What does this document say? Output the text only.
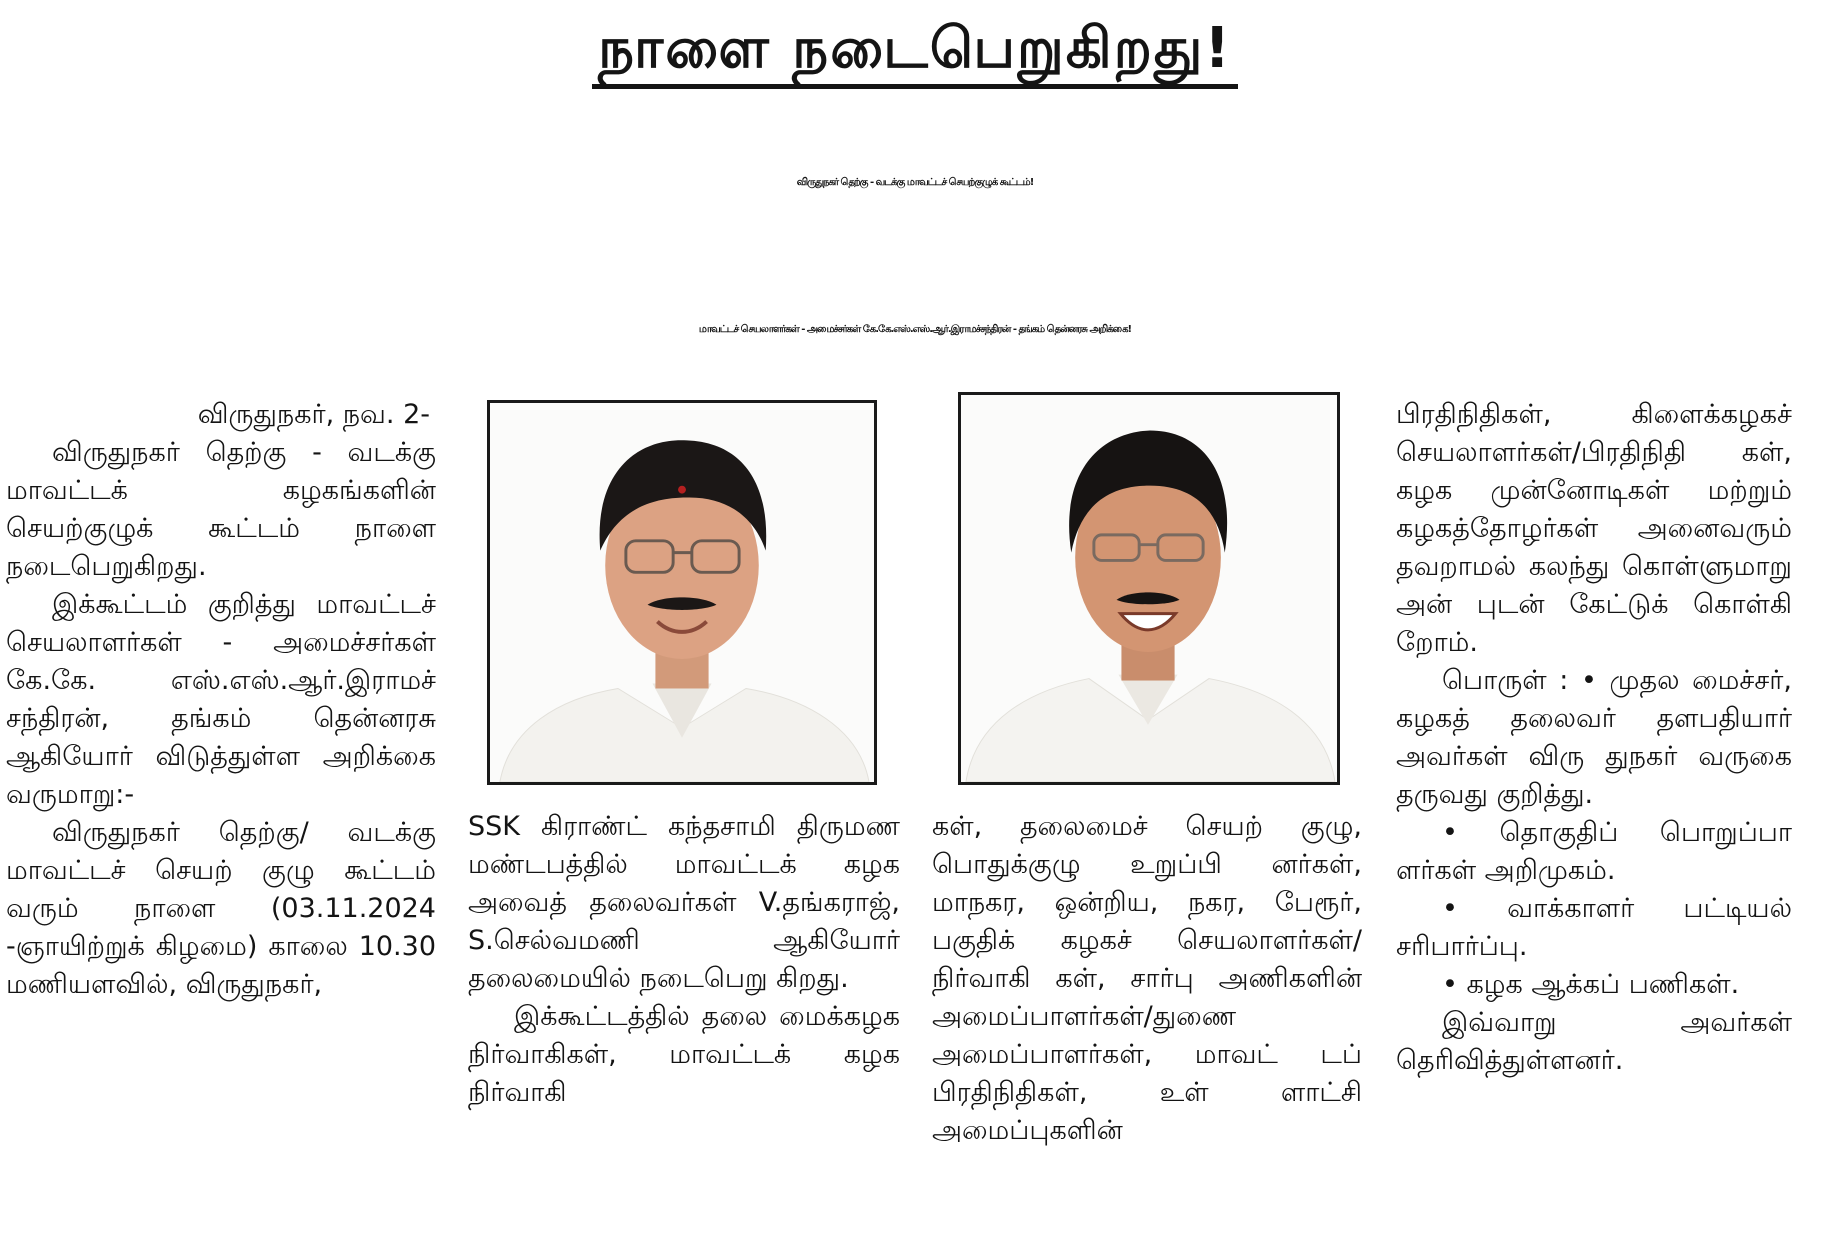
நாளை நடைபெறுகிறது!
விருதுநகர் தெற்கு - வடக்கு மாவட்டச் செயற்குழுக் கூட்டம்!
மாவட்டச் செயலாளர்கள் - அமைச்சர்கள் கே.கே.எஸ்.எஸ்.ஆர்.இராமச்சந்திரன் - தங்கம் தென்னரசு அறிக்கை!

விருதுநகர், நவ. 2-

விருதுநகர் தெற்கு - வடக்கு மாவட்டக் கழகங்களின் செயற்குழுக் கூட்டம் நாளை நடைபெறுகிறது.

இக்கூட்டம் குறித்து மாவட்டச் செயலாளர்கள் - அமைச்சர்கள் கே.கே. எஸ்.எஸ்.ஆர்.இராமச் சந்திரன், தங்கம் தென்னரசு ஆகியோர் விடுத்துள்ள அறிக்கை வருமாறு:-

விருதுநகர் தெற்கு/ வடக்கு மாவட்டச் செயற் குழு கூட்டம் வரும் நாளை (03.11.2024 -ஞாயிற்றுக் கிழமை) காலை 10.30 மணியளவில், விருதுநகர்,

SSK கிராண்ட் கந்தசாமி திருமண மண்டபத்தில் மாவட்டக் கழக அவைத் தலைவர்கள் V.தங்கராஜ், S.செல்வமணி ஆகியோர் தலைமையில் நடைபெறு கிறது.

இக்கூட்டத்தில் தலை மைக்கழக நிர்வாகிகள், மாவட்டக் கழக நிர்வாகி

கள், தலைமைச் செயற் குழு, பொதுக்குழு உறுப்பி னர்கள், மாநகர, ஒன்றிய, நகர, பேரூர், பகுதிக் கழகச் செயலாளர்கள்/நிர்வாகி கள், சார்பு அணிகளின் அமைப்பாளர்கள்/துணை அமைப்பாளர்கள், மாவட் டப் பிரதிநிதிகள், உள் ளாட்சி அமைப்புகளின்

பிரதிநிதிகள், கிளைக்கழகச் செயலாளர்கள்/பிரதிநிதி கள், கழக முன்னோடிகள் மற்றும் கழகத்தோழர்கள் அனைவரும் தவறாமல் கலந்து கொள்ளுமாறு அன் புடன் கேட்டுக் கொள்கி றோம்.

பொருள் : • முதல மைச்சர், கழகத் தலைவர் தளபதியார் அவர்கள் விரு துநகர் வருகை தருவது குறித்து.

• தொகுதிப் பொறுப்பா ளர்கள் அறிமுகம்.

• வாக்காளர் பட்டியல் சரிபார்ப்பு.

• கழக ஆக்கப் பணிகள்.

இவ்வாறு அவர்கள் தெரிவித்துள்ளனர்.
